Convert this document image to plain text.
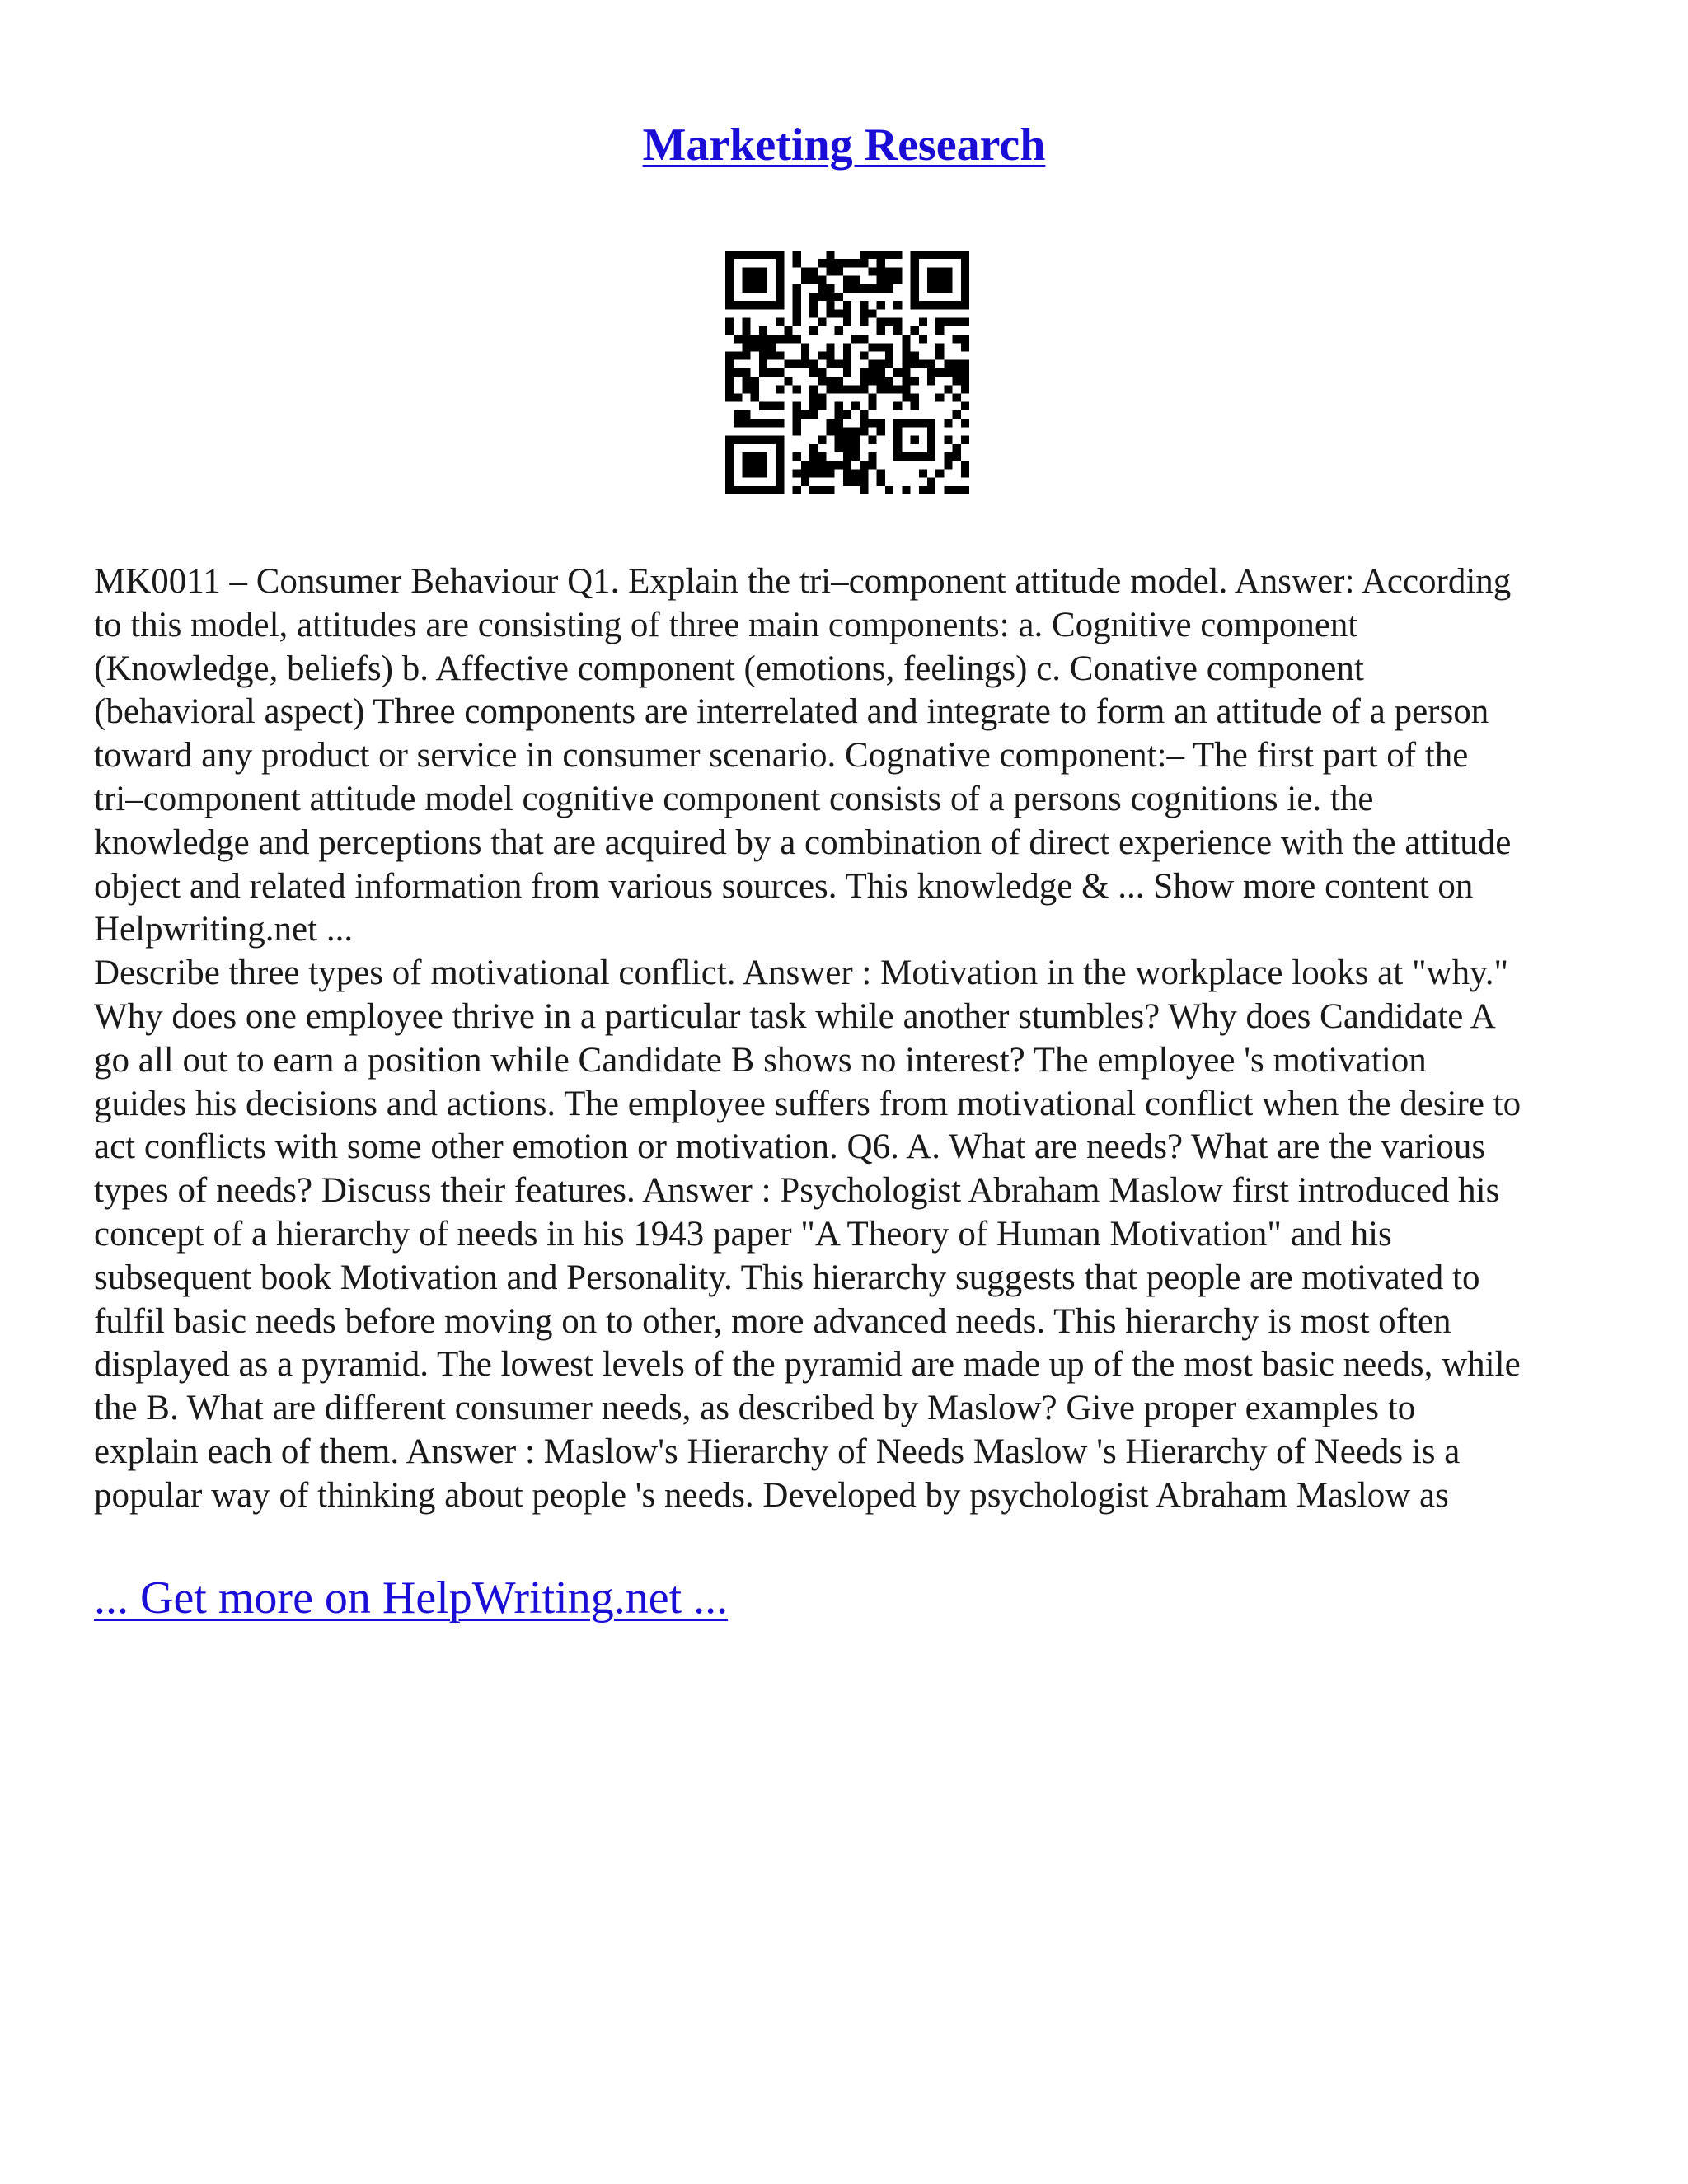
Marketing Research
MK0011 – Consumer Behaviour Q1. Explain the tri–component attitude model. Answer: According
to this model, attitudes are consisting of three main components: a. Cognitive component
(Knowledge, beliefs) b. Affective component (emotions, feelings) c. Conative component
(behavioral aspect) Three components are interrelated and integrate to form an attitude of a person
toward any product or service in consumer scenario. Cognative component:– The first part of the
tri–component attitude model cognitive component consists of a persons cognitions ie. the
knowledge and perceptions that are acquired by a combination of direct experience with the attitude
object and related information from various sources. This knowledge & ... Show more content on
Helpwriting.net ...
Describe three types of motivational conflict. Answer : Motivation in the workplace looks at "why."
Why does one employee thrive in a particular task while another stumbles? Why does Candidate A
go all out to earn a position while Candidate B shows no interest? The employee 's motivation
guides his decisions and actions. The employee suffers from motivational conflict when the desire to
act conflicts with some other emotion or motivation. Q6. A. What are needs? What are the various
types of needs? Discuss their features. Answer : Psychologist Abraham Maslow first introduced his
concept of a hierarchy of needs in his 1943 paper "A Theory of Human Motivation" and his
subsequent book Motivation and Personality. This hierarchy suggests that people are motivated to
fulfil basic needs before moving on to other, more advanced needs. This hierarchy is most often
displayed as a pyramid. The lowest levels of the pyramid are made up of the most basic needs, while
the B. What are different consumer needs, as described by Maslow? Give proper examples to
explain each of them. Answer : Maslow's Hierarchy of Needs Maslow 's Hierarchy of Needs is a
popular way of thinking about people 's needs. Developed by psychologist Abraham Maslow as
... Get more on HelpWriting.net ...
